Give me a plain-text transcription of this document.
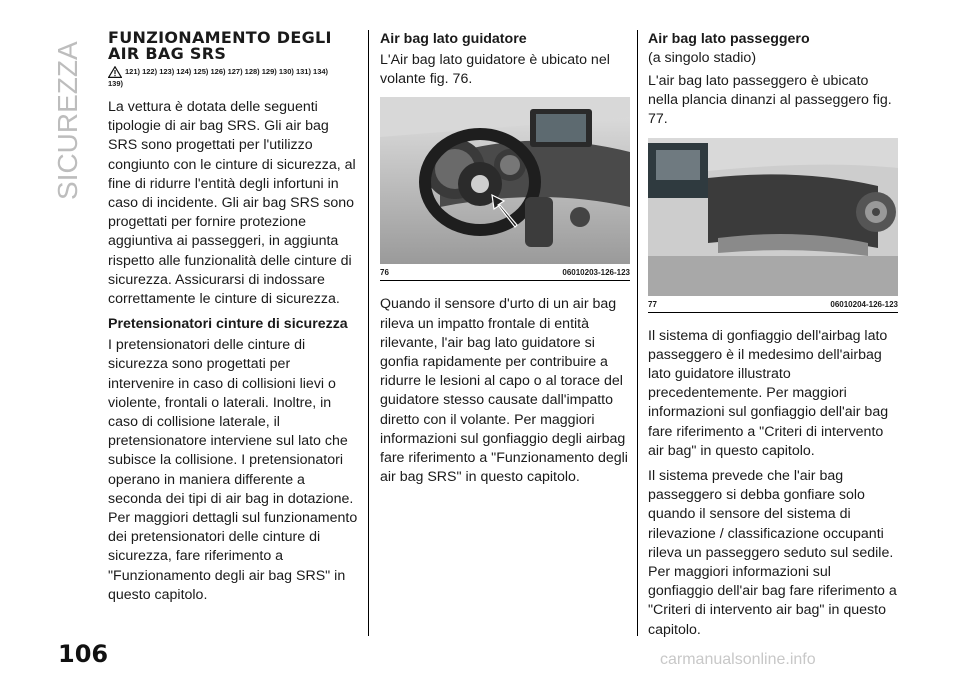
SICUREZZA
FUNZIONAMENTO DEGLI
AIR BAG SRS
121) 122) 123) 124) 125) 126) 127) 128) 129) 130) 131) 134)
139)

La vettura è dotata delle seguenti tipologie di air bag SRS. Gli air bag SRS sono progettati per l'utilizzo congiunto con le cinture di sicurezza, al fine di ridurre l'entità degli infortuni in caso di incidente. Gli air bag SRS sono progettati per fornire protezione aggiuntiva ai passeggeri, in aggiunta rispetto alle funzionalità delle cinture di sicurezza. Assicurarsi di indossare correttamente le cinture di sicurezza.

Pretensionatori cinture di sicurezza

I pretensionatori delle cinture di sicurezza sono progettati per intervenire in caso di collisioni lievi o violente, frontali o laterali. Inoltre, in caso di collisione laterale, il pretensionatore interviene sul lato che subisce la collisione. I pretensionatori operano in maniera differente a seconda dei tipi di air bag in dotazione. Per maggiori dettagli sul funzionamento dei pretensionatori delle cinture di sicurezza, fare riferimento a "Funzionamento degli air bag SRS" in questo capitolo.

Air bag lato guidatore

L'Air bag lato guidatore è ubicato nel volante fig. 76.

76	06010203-126-123

Quando il sensore d'urto di un air bag rileva un impatto frontale di entità rilevante, l'air bag lato guidatore si gonfia rapidamente per contribuire a ridurre le lesioni al capo o al torace del guidatore stesso causate dall'impatto diretto con il volante. Per maggiori informazioni sul gonfiaggio degli airbag fare riferimento a "Funzionamento degli air bag SRS" in questo capitolo.

Air bag lato passeggero
(a singolo stadio)

L'air bag lato passeggero è ubicato nella plancia dinanzi al passeggero fig. 77.

77	06010204-126-123

Il sistema di gonfiaggio dell'airbag lato passeggero è il medesimo dell'airbag lato guidatore illustrato precedentemente. Per maggiori informazioni sul gonfiaggio dell'air bag fare riferimento a "Criteri di intervento air bag" in questo capitolo.

Il sistema prevede che l'air bag passeggero si debba gonfiare solo quando il sensore del sistema di rilevazione / classificazione occupanti rileva un passeggero seduto sul sedile. Per maggiori informazioni sul gonfiaggio dell'air bag fare riferimento a "Criteri di intervento air bag" in questo capitolo.

106	carmanualsonline.info
